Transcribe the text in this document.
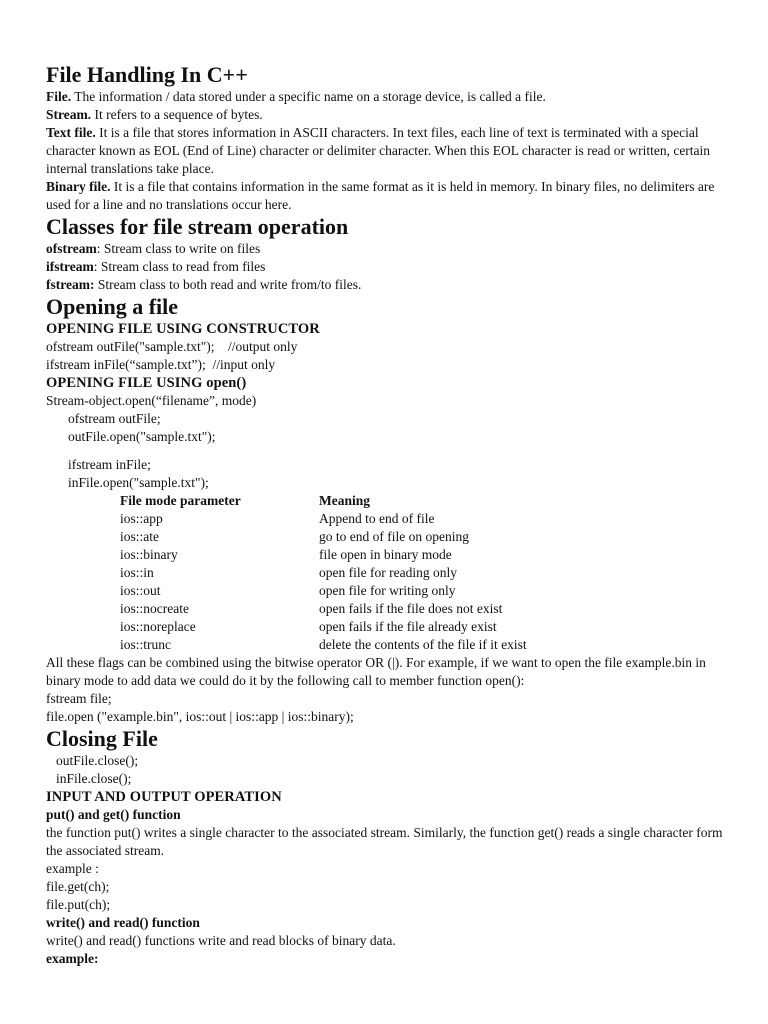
File Handling In C++

File. The information / data stored under a specific name on a storage device, is called a file.

Stream. It refers to a sequence of bytes.

Text file. It is a file that stores information in ASCII characters. In text files, each line of text is terminated with a special character known as EOL (End of Line) character or delimiter character. When this EOL character is read or written, certain internal translations take place.

Binary file. It is a file that contains information in the same format as it is held in memory. In binary files, no delimiters are used for a line and no translations occur here.

Classes for file stream operation

ofstream: Stream class to write on files

ifstream: Stream class to read from files

fstream: Stream class to both read and write from/to files.

Opening a file

OPENING FILE USING CONSTRUCTOR

ofstream outFile("sample.txt");    //output only

ifstream inFile(“sample.txt”);  //input only

OPENING FILE USING open()

Stream-object.open(“filename”, mode)

ofstream outFile;

outFile.open("sample.txt");

ifstream inFile;

inFile.open("sample.txt");

File mode parameter	Meaning
ios::app	Append to end of file
ios::ate	go to end of file on opening
ios::binary	file open in binary mode
ios::in	open file for reading only
ios::out	open file for writing only
ios::nocreate	open fails if the file does not exist
ios::noreplace	open fails if the file already exist
ios::trunc	delete the contents of the file if it exist

All these flags can be combined using the bitwise operator OR (|). For example, if we want to open the file example.bin in binary mode to add data we could do it by the following call to member function open():

fstream file;

file.open ("example.bin", ios::out | ios::app | ios::binary);

Closing File

outFile.close();

inFile.close();

INPUT AND OUTPUT OPERATION

put() and get() function

the function put() writes a single character to the associated stream. Similarly, the function get() reads a single character form the associated stream.

example :

file.get(ch);

file.put(ch);

write() and read() function

write() and read() functions write and read blocks of binary data.

example:
